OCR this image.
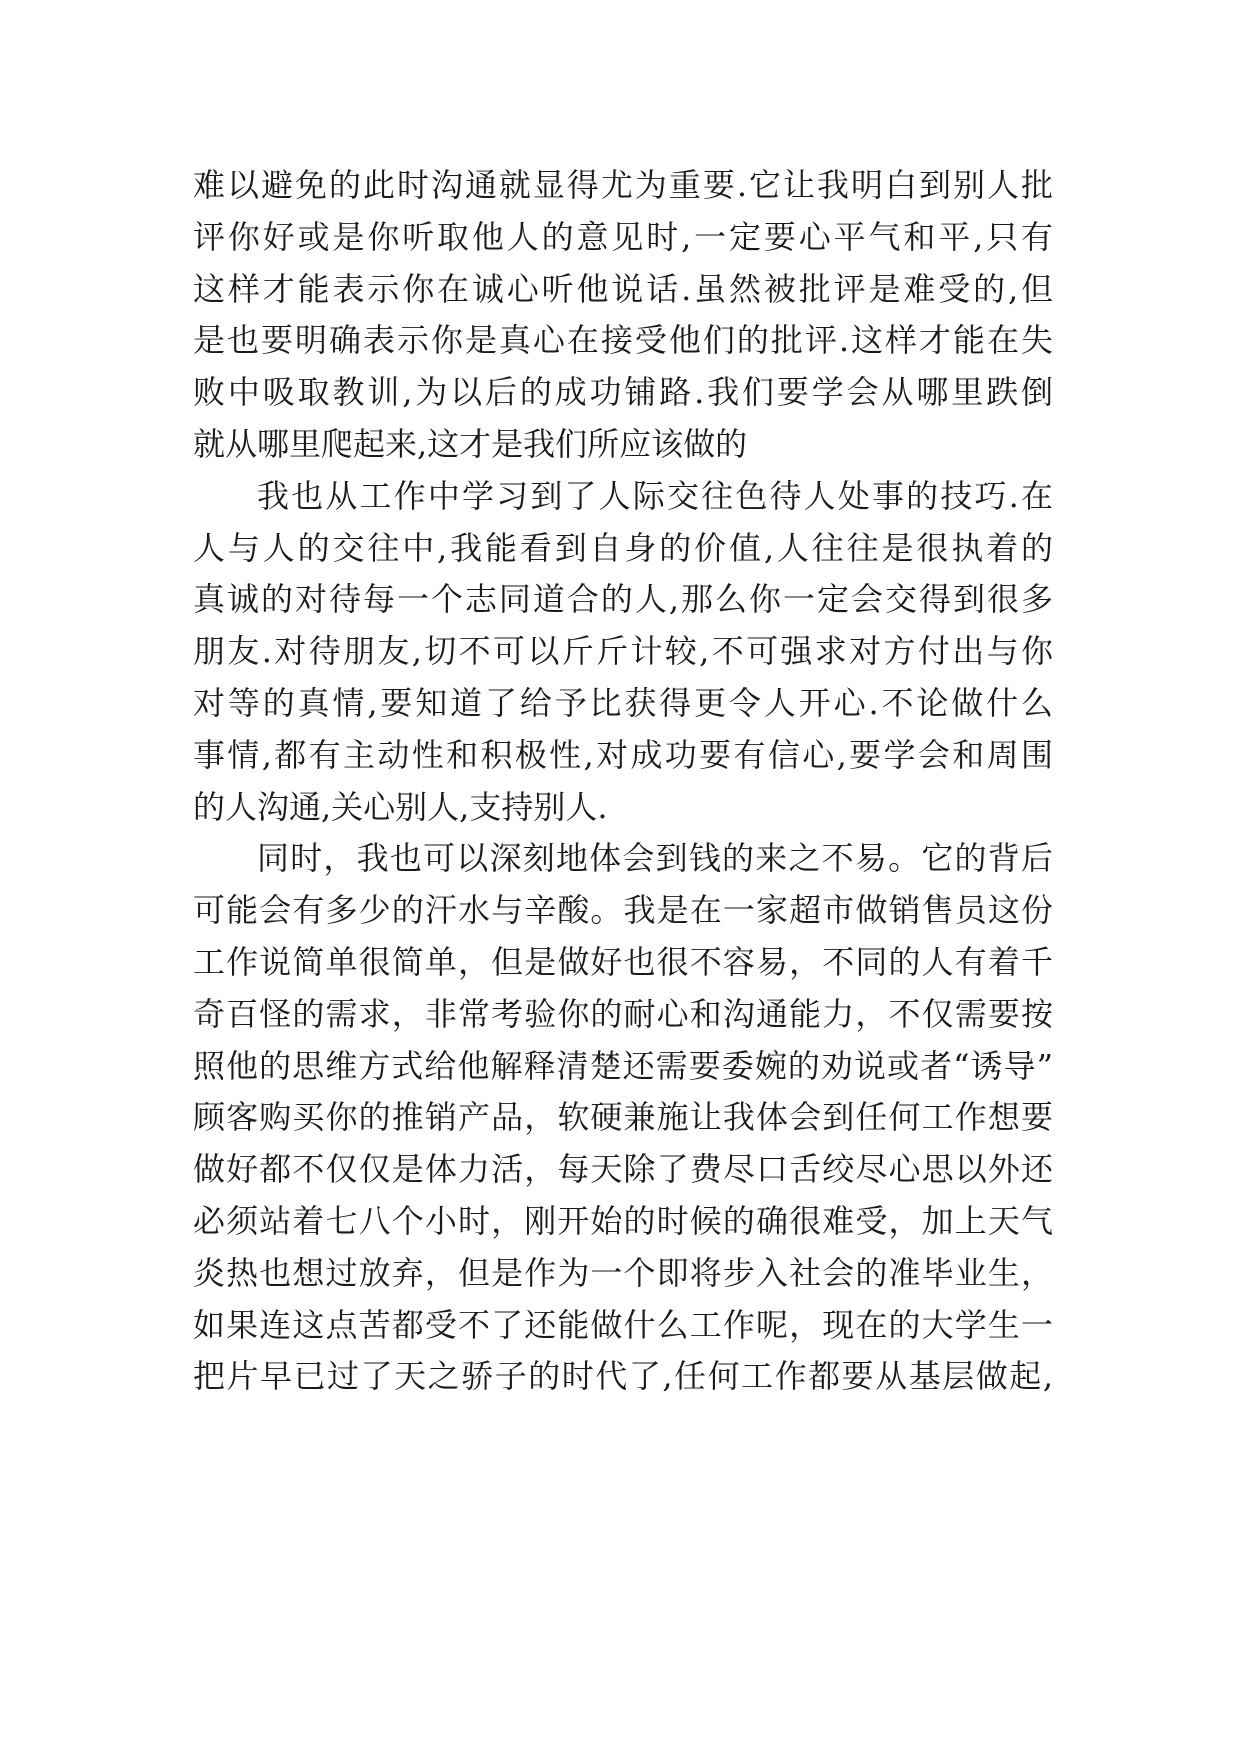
难以避免的此时沟通就显得尤为重要.它让我明白到别人批
评你好或是你听取他人的意见时,一定要心平气和平,只有
这样才能表示你在诚心听他说话.虽然被批评是难受的,但
是也要明确表示你是真心在接受他们的批评.这样才能在失
败中吸取教训,为以后的成功铺路.我们要学会从哪里跌倒
就从哪里爬起来,这才是我们所应该做的
我也从工作中学习到了人际交往色待人处事的技巧.在
人与人的交往中,我能看到自身的价值,人往往是很执着的
真诚的对待每一个志同道合的人,那么你一定会交得到很多
朋友.对待朋友,切不可以斤斤计较,不可强求对方付出与你
对等的真情,要知道了给予比获得更令人开心.不论做什么
事情,都有主动性和积极性,对成功要有信心,要学会和周围
的人沟通,关心别人,支持别人.
同时，我也可以深刻地体会到钱的来之不易。它的背后
可能会有多少的汗水与辛酸。我是在一家超市做销售员这份
工作说简单很简单，但是做好也很不容易，不同的人有着千
奇百怪的需求，非常考验你的耐心和沟通能力，不仅需要按
照他的思维方式给他解释清楚还需要委婉的劝说或者“诱导”
顾客购买你的推销产品，软硬兼施让我体会到任何工作想要
做好都不仅仅是体力活，每天除了费尽口舌绞尽心思以外还
必须站着七八个小时，刚开始的时候的确很难受，加上天气
炎热也想过放弃，但是作为一个即将步入社会的准毕业生，
如果连这点苦都受不了还能做什么工作呢，现在的大学生一
把片早已过了天之骄子的时代了,任何工作都要从基层做起,
